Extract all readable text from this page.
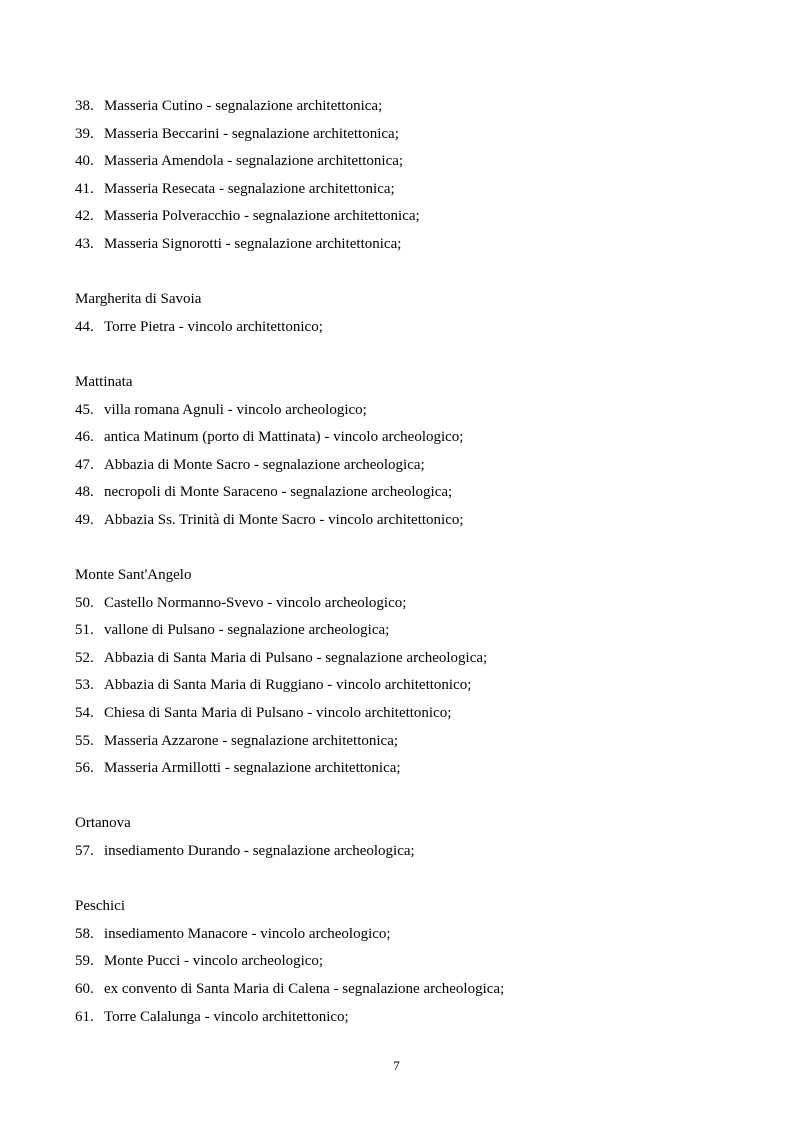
38. Masseria Cutino - segnalazione architettonica;
39. Masseria Beccarini - segnalazione architettonica;
40. Masseria Amendola - segnalazione architettonica;
41. Masseria Resecata - segnalazione architettonica;
42. Masseria Polveracchio - segnalazione architettonica;
43. Masseria Signorotti - segnalazione architettonica;
Margherita di Savoia
44. Torre Pietra - vincolo architettonico;
Mattinata
45. villa romana Agnuli - vincolo archeologico;
46. antica Matinum (porto di Mattinata) - vincolo archeologico;
47. Abbazia di Monte Sacro - segnalazione archeologica;
48. necropoli di Monte Saraceno - segnalazione archeologica;
49. Abbazia Ss. Trinità di Monte Sacro - vincolo architettonico;
Monte Sant'Angelo
50. Castello Normanno-Svevo - vincolo archeologico;
51. vallone di Pulsano - segnalazione archeologica;
52. Abbazia di Santa Maria di Pulsano - segnalazione archeologica;
53. Abbazia di Santa Maria di Ruggiano - vincolo architettonico;
54. Chiesa di Santa Maria di Pulsano - vincolo architettonico;
55. Masseria Azzarone - segnalazione architettonica;
56. Masseria Armillotti - segnalazione architettonica;
Ortanova
57. insediamento Durando - segnalazione archeologica;
Peschici
58. insediamento Manacore - vincolo archeologico;
59. Monte Pucci - vincolo archeologico;
60. ex convento di Santa Maria di Calena - segnalazione archeologica;
61. Torre Calalunga - vincolo architettonico;
7
